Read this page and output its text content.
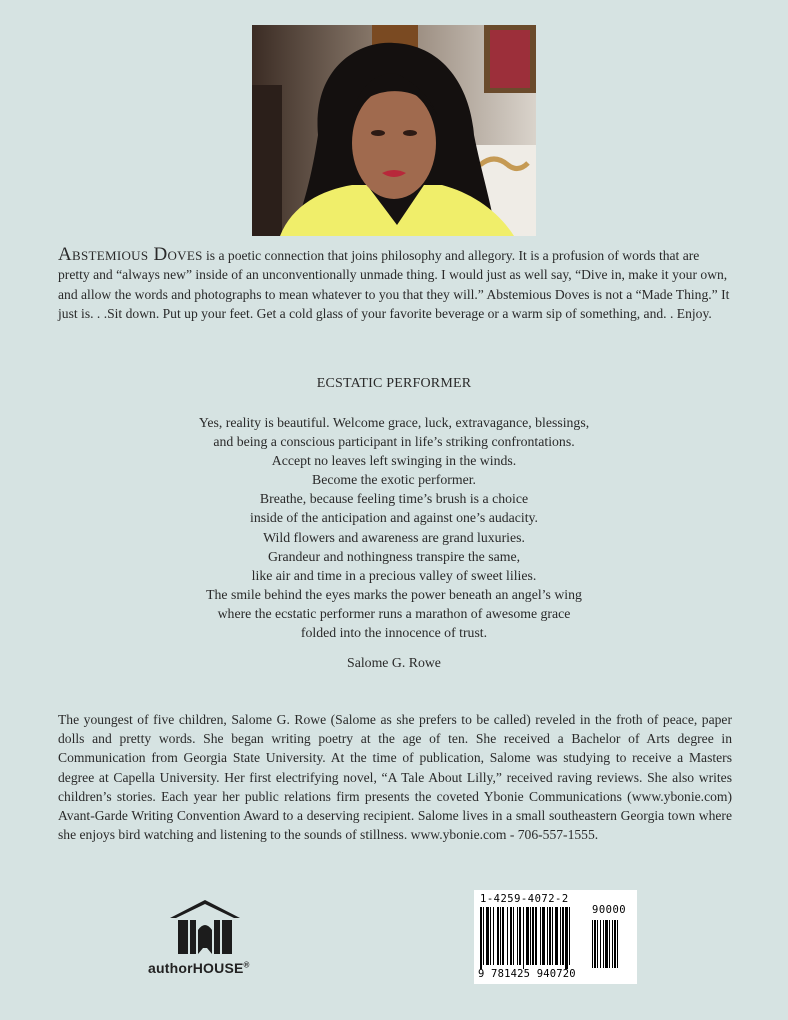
Abstemious Doves is a poetic connection that joins philosophy and allegory. It is a profusion of words that are pretty and “always new” inside of an unconventionally unmade thing. I would just as well say, “Dive in, make it your own, and allow the words and photographs to mean whatever to you that they will.” Abstemious Doves is not a “Made Thing.” It just is. . .Sit down. Put up your feet. Get a cold glass of your favorite beverage or a warm sip of something, and. . Enjoy.
ECSTATIC PERFORMER
Yes, reality is beautiful. Welcome grace, luck, extravagance, blessings,
and being a conscious participant in life’s striking confrontations.
Accept no leaves left swinging in the winds.
Become the exotic performer.
Breathe, because feeling time’s brush is a choice
inside of the anticipation and against one’s audacity.
Wild flowers and awareness are grand luxuries.
Grandeur and nothingness transpire the same,
like air and time in a precious valley of sweet lilies.
The smile behind the eyes marks the power beneath an angel’s wing
where the ecstatic performer runs a marathon of awesome grace
folded into the innocence of trust.
Salome G. Rowe
The youngest of five children, Salome G. Rowe (Salome as she prefers to be called) reveled in the froth of peace, paper dolls and pretty words. She began writing poetry at the age of ten. She received a Bachelor of Arts degree in Communication from Georgia State University. At the time of publication, Salome was studying to receive a Masters degree at Capella University. Her first electrifying novel, “A Tale About Lilly,” received raving reviews. She also writes children’s stories. Each year her public relations firm presents the coveted Ybonie Communications (www.ybonie.com) Avant-Garde Writing Convention Award to a deserving recipient. Salome lives in a small southeastern Georgia town where she enjoys bird watching and listening to the sounds of stillness. www.ybonie.com - 706-557-1555.
authorHOUSE®
1-4259-4072-2
90000
9 781425 940720
